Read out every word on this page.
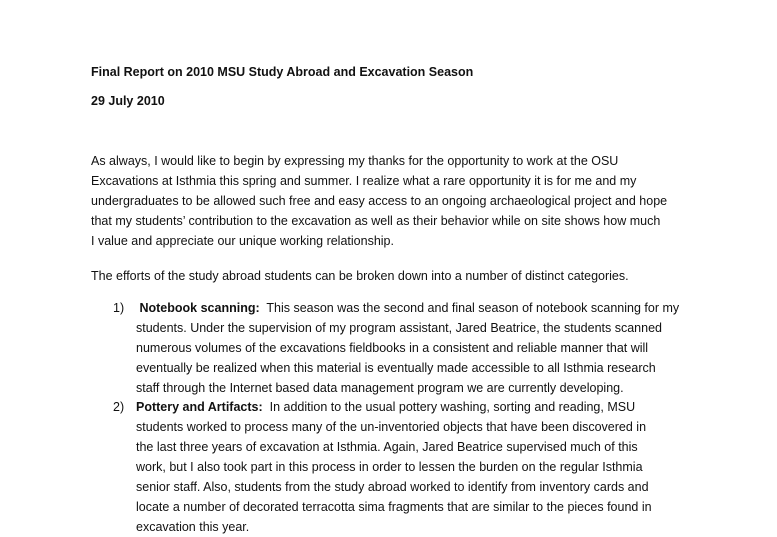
Final Report on 2010 MSU Study Abroad and Excavation Season
29 July 2010
As always, I would like to begin by expressing my thanks for the opportunity to work at the OSU
Excavations at Isthmia this spring and summer. I realize what a rare opportunity it is for me and my
undergraduates to be allowed such free and easy access to an ongoing archaeological project and hope
that my students’ contribution to the excavation as well as their behavior while on site shows how much
I value and appreciate our unique working relationship.
The efforts of the study abroad students can be broken down into a number of distinct categories.
1)	Notebook scanning:  This season was the second and final season of notebook scanning for my
students. Under the supervision of my program assistant, Jared Beatrice, the students scanned
numerous volumes of the excavations fieldbooks in a consistent and reliable manner that will
eventually be realized when this material is eventually made accessible to all Isthmia research
staff through the Internet based data management program we are currently developing.
2) Pottery and Artifacts:  In addition to the usual pottery washing, sorting and reading, MSU
students worked to process many of the un-inventoried objects that have been discovered in
the last three years of excavation at Isthmia. Again, Jared Beatrice supervised much of this
work, but I also took part in this process in order to lessen the burden on the regular Isthmia
senior staff. Also, students from the study abroad worked to identify from inventory cards and
locate a number of decorated terracotta sima fragments that are similar to the pieces found in
excavation this year.
